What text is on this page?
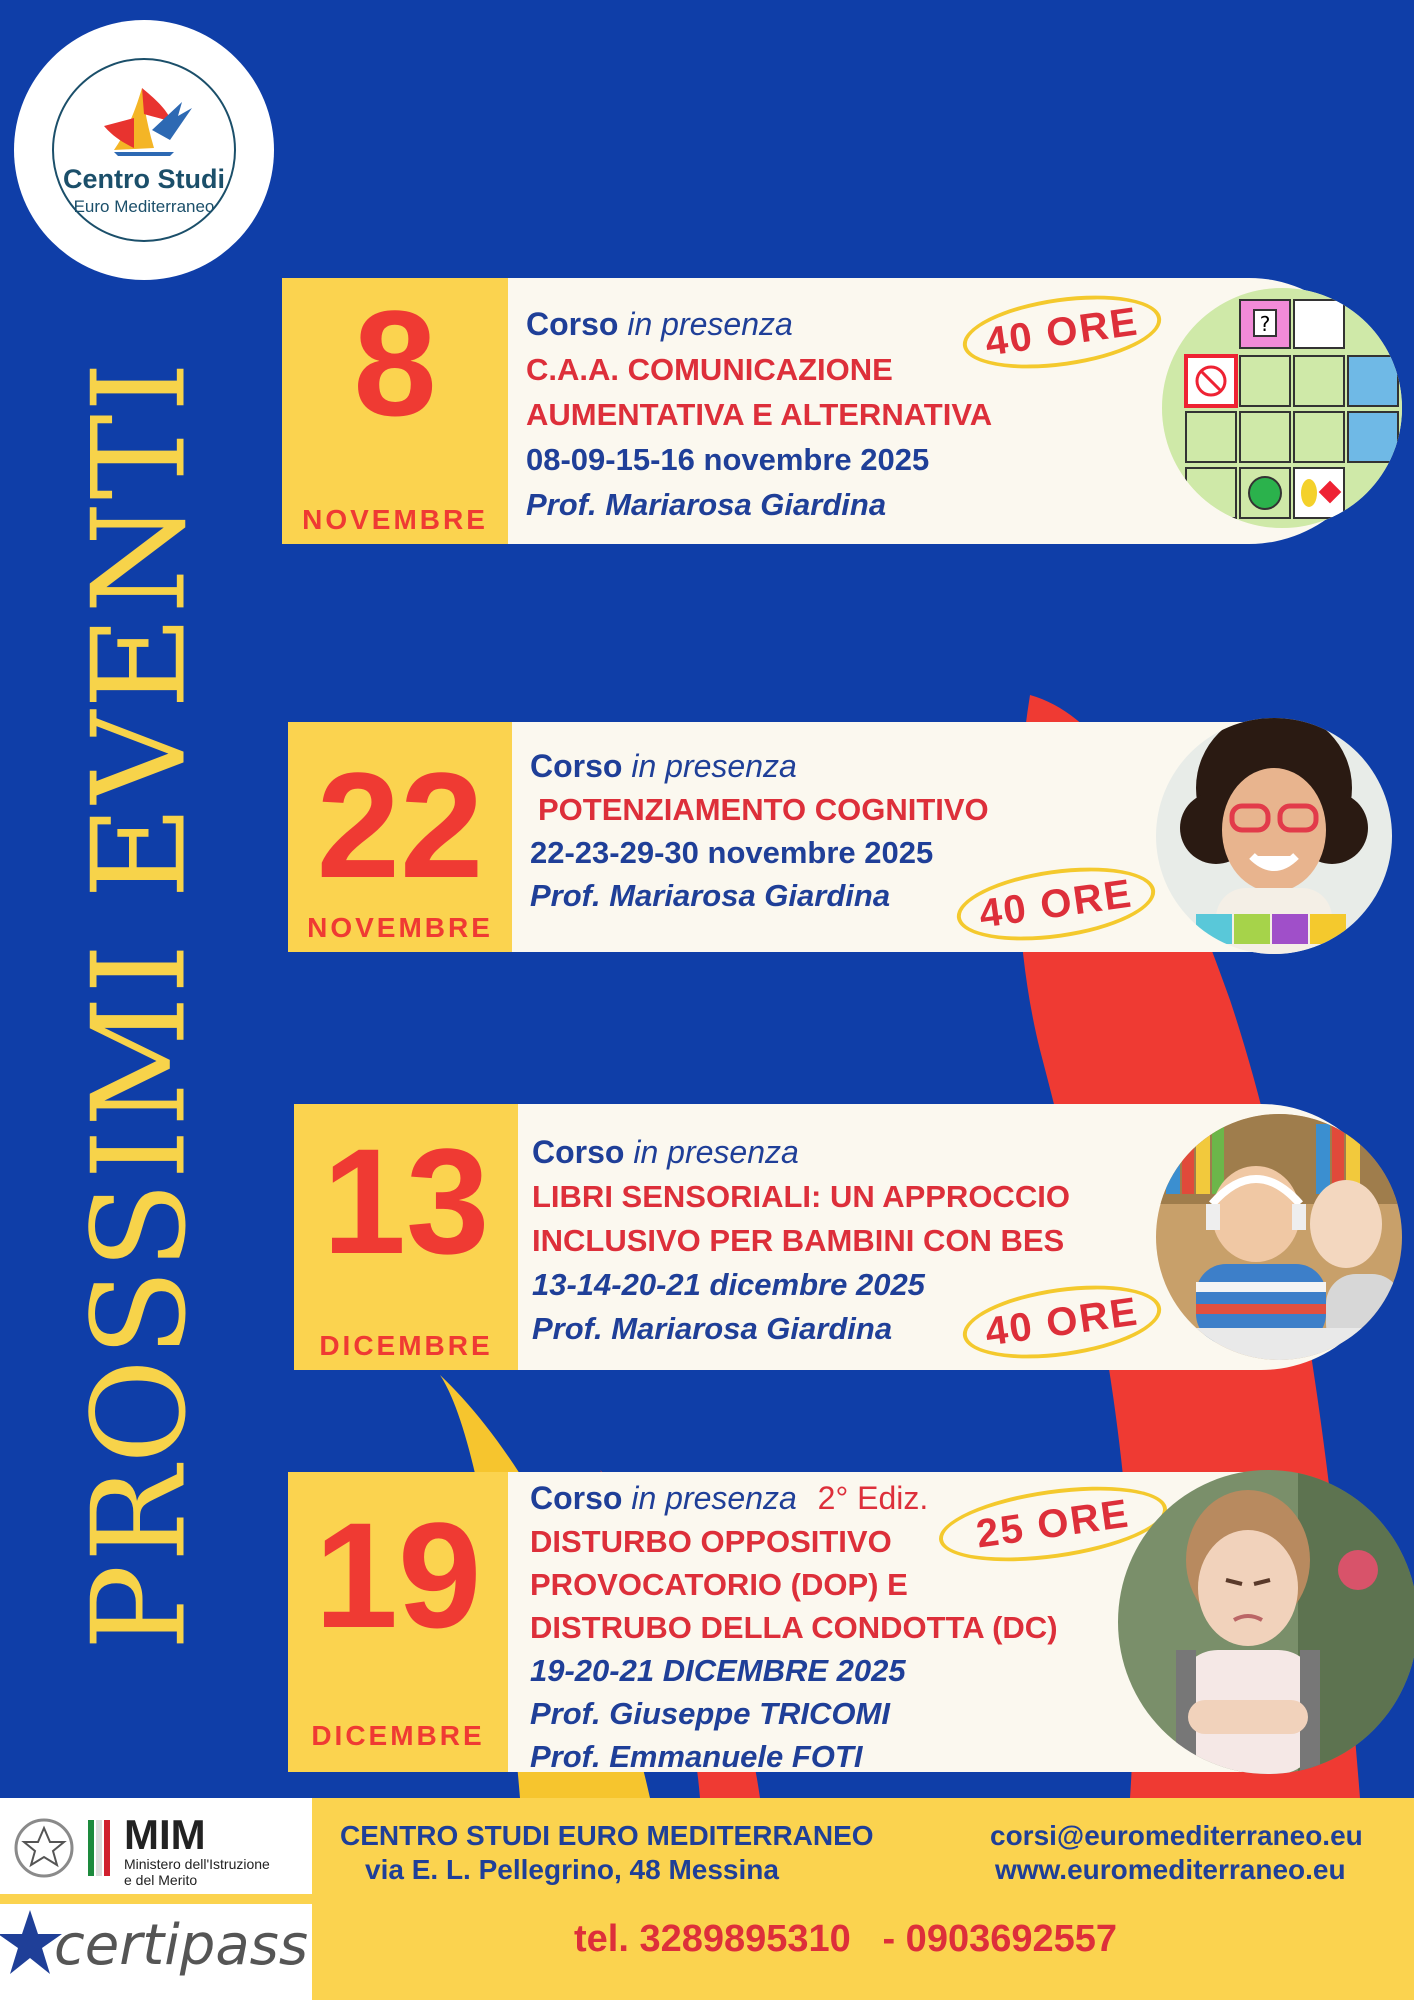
Centro Studi
Euro Mediterraneo
PROSSIMI EVENTI 8
NOVEMBRE
Corso in presenza
C.A.A. COMUNICAZIONE
AUMENTATIVA E ALTERNATIVA
08-09-15-16 novembre 2025
Prof. Mariarosa Giardina
40 ORE	?
22
NOVEMBRE
Corso in presenza
POTENZIAMENTO COGNITIVO
22-23-29-30 novembre 2025
Prof. Mariarosa Giardina	40 ORE
13
DICEMBRE
Corso in presenza
LIBRI SENSORIALI: UN APPROCCIO
INCLUSIVO PER BAMBINI CON BES
13-14-20-21 dicembre 2025
Prof. Mariarosa Giardina	40 ORE
19
DICEMBRE
Corso in presenza 2° Ediz.
DISTURBO OPPOSITIVO
PROVOCATORIO (DOP) E
DISTRUBO DELLA CONDOTTA (DC)
19-20-21 DICEMBRE 2025
Prof. Giuseppe TRICOMI
Prof. Emmanuele FOTI
25 ORE
MIM
Ministero dell'Istruzione
e del Merito
certipass
CENTRO STUDI EURO MEDITERRANEO
via E. L. Pellegrino, 48 Messina
corsi@euromediterraneo.eu
www.euromediterraneo.eu
tel. 3289895310   - 0903692557
